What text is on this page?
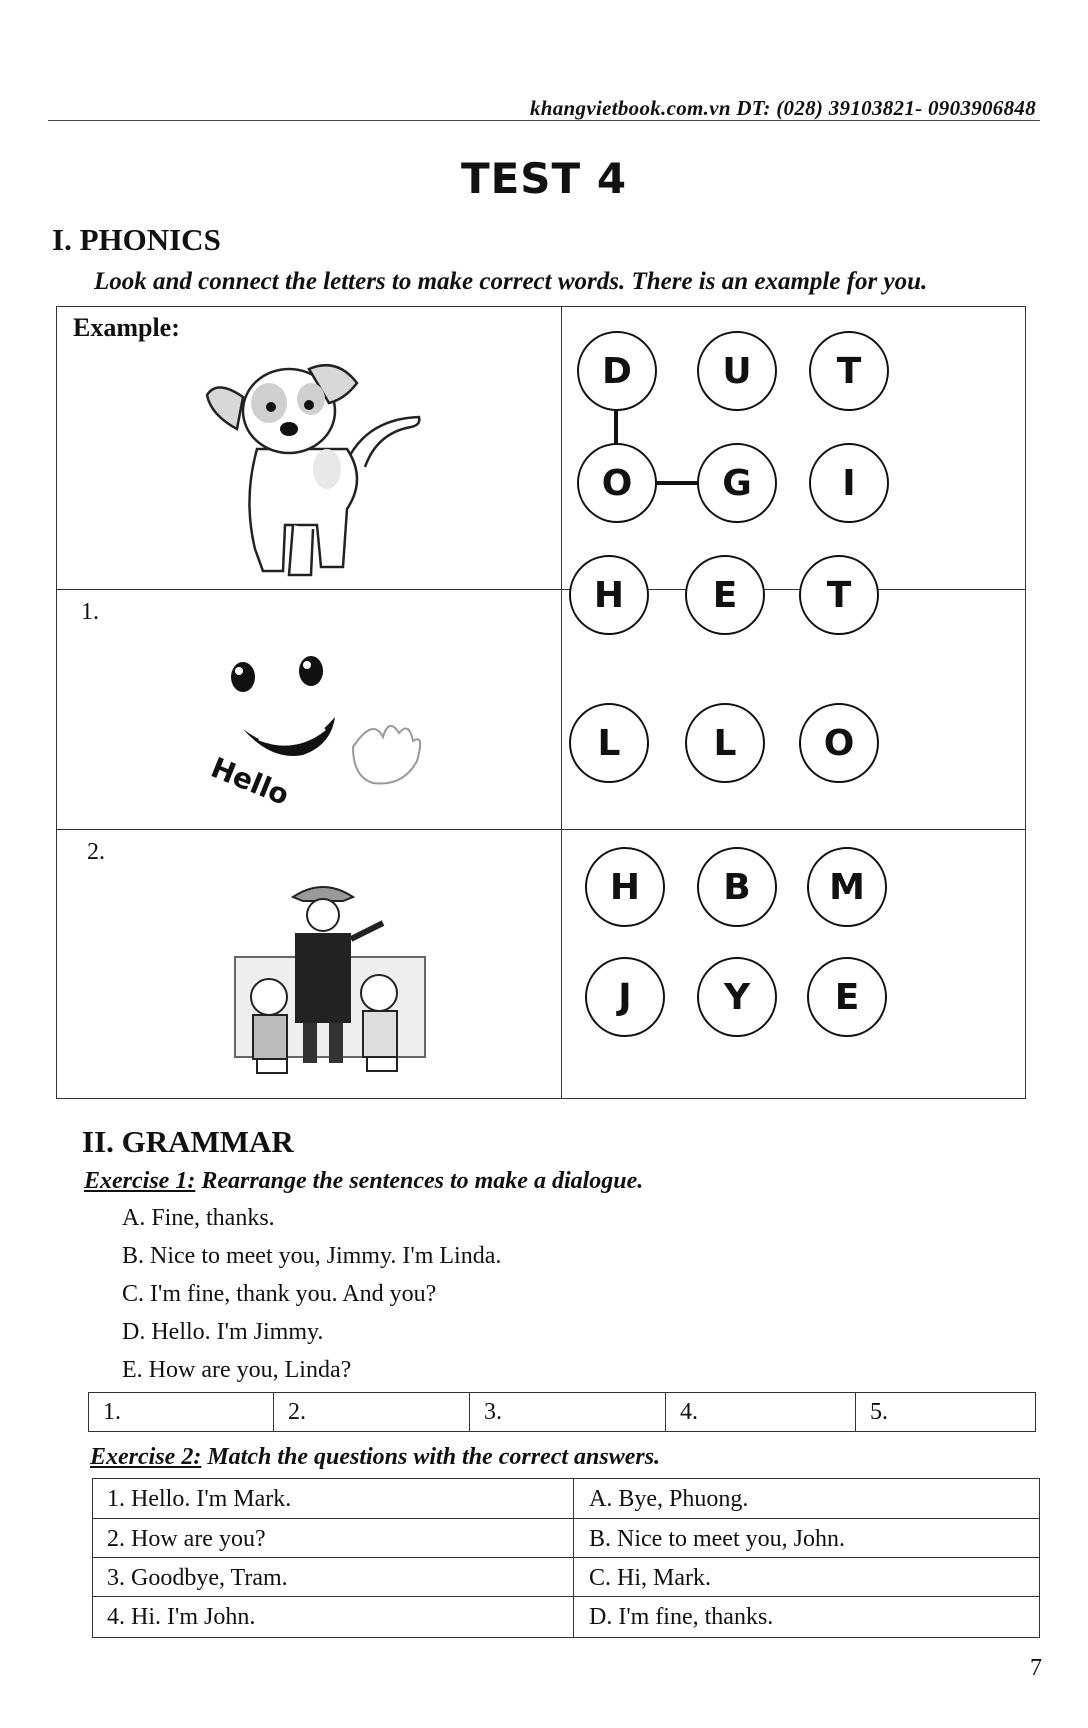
khangvietbook.com.vn DT: (028) 39103821- 0903906848
TEST 4
I. PHONICS
Look and connect the letters to make correct words. There is an example for you.
Example:
D	U	T
O	G	I
1.
Hello
H	E	T
L	L	O
2.
H	B	M
J	Y	E
II. GRAMMAR
Exercise 1: Rearrange the sentences to make a dialogue.
A. Fine, thanks.
B. Nice to meet you, Jimmy. I'm Linda.
C. I'm fine, thank you. And you?
D. Hello. I'm Jimmy.
E. How are you, Linda?
1.	2.	3.	4.	5.
Exercise 2: Match the questions with the correct answers.
1. Hello. I'm Mark.	A. Bye, Phuong.
2. How are you?	B. Nice to meet you, John.
3. Goodbye, Tram.	C. Hi, Mark.
4. Hi. I'm John.	D. I'm fine, thanks.
7
